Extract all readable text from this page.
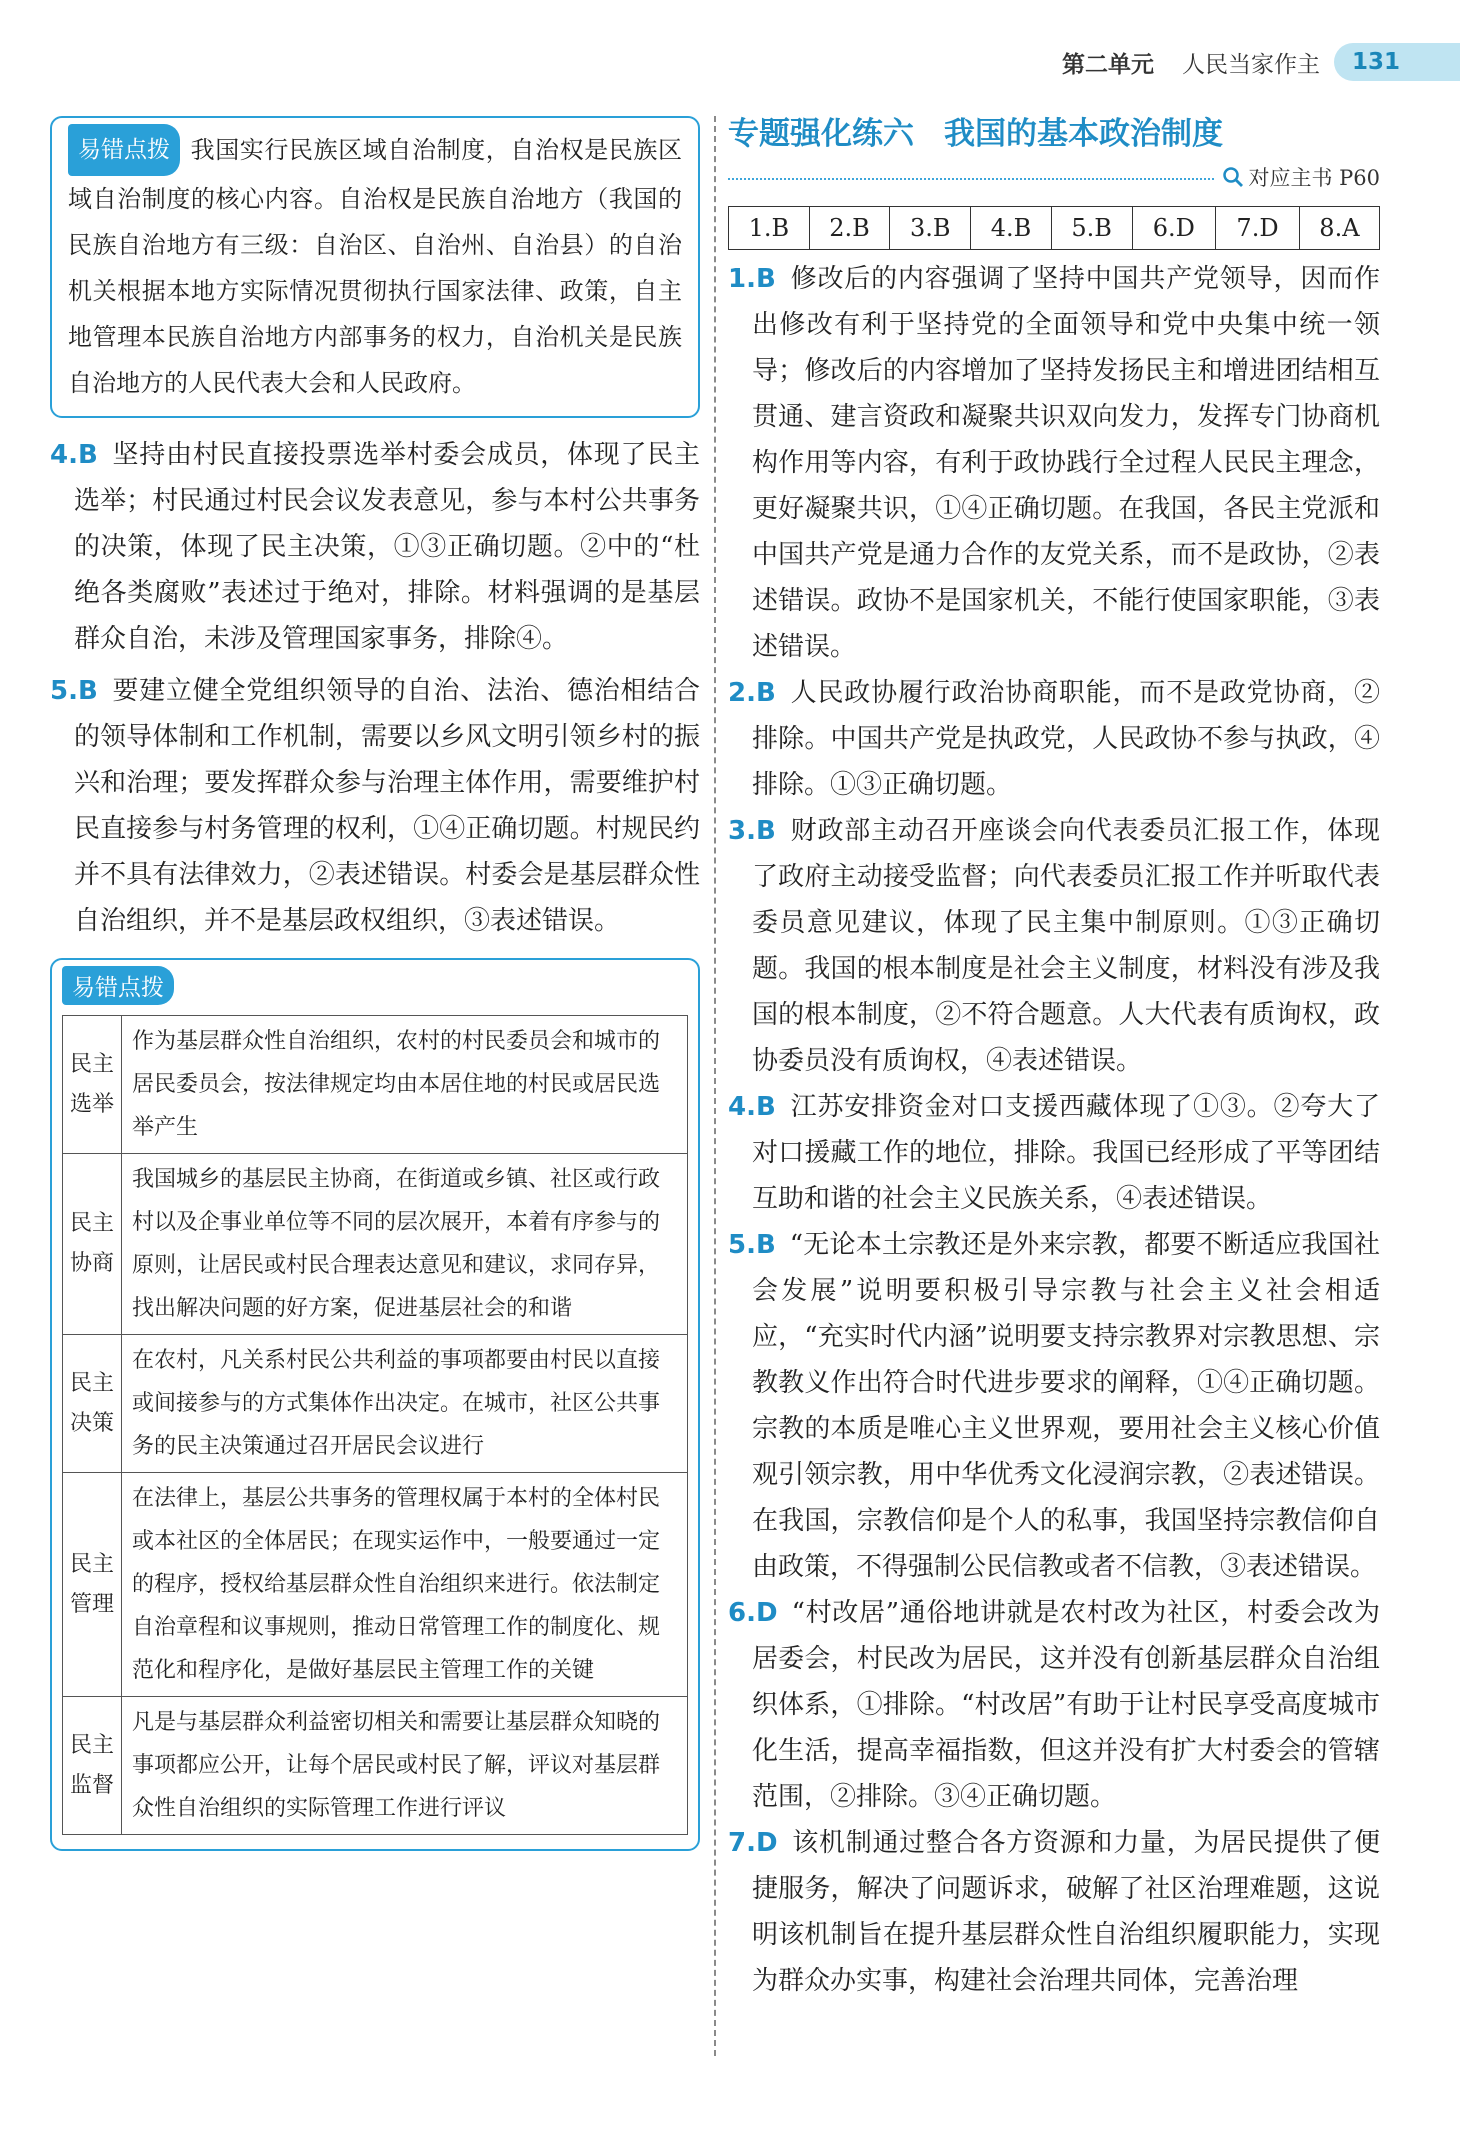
第二单元 人民当家作主	131
易错点拨 我国实行民族区域自治制度，自治权是民族区域自治制度的核心内容。自治权是民族自治地方（我国的民族自治地方有三级：自治区、自治州、自治县）的自治机关根据本地方实际情况贯彻执行国家法律、政策，自主地管理本民族自治地方内部事务的权力，自治机关是民族自治地方的人民代表大会和人民政府。

4.B 坚持由村民直接投票选举村委会成员，体现了民主选举；村民通过村民会议发表意见，参与本村公共事务的决策，体现了民主决策，①③正确切题。②中的“杜绝各类腐败”表述过于绝对，排除。材料强调的是基层群众自治，未涉及管理国家事务，排除④。

5.B 要建立健全党组织领导的自治、法治、德治相结合的领导体制和工作机制，需要以乡风文明引领乡村的振兴和治理；要发挥群众参与治理主体作用，需要维护村民直接参与村务管理的权利，①④正确切题。村规民约并不具有法律效力，②表述错误。村委会是基层群众性自治组织，并不是基层政权组织，③表述错误。

易错点拨
民主选举	作为基层群众性自治组织，农村的村民委员会和城市的居民委员会，按法律规定均由本居住地的村民或居民选举产生
民主协商	我国城乡的基层民主协商，在街道或乡镇、社区或行政村以及企事业单位等不同的层次展开，本着有序参与的原则，让居民或村民合理表达意见和建议，求同存异，找出解决问题的好方案，促进基层社会的和谐
民主决策	在农村，凡关系村民公共利益的事项都要由村民以直接或间接参与的方式集体作出决定。在城市，社区公共事务的民主决策通过召开居民会议进行
民主管理	在法律上，基层公共事务的管理权属于本村的全体村民或本社区的全体居民；在现实运作中，一般要通过一定的程序，授权给基层群众性自治组织来进行。依法制定自治章程和议事规则，推动日常管理工作的制度化、规范化和程序化，是做好基层民主管理工作的关键
民主监督	凡是与基层群众利益密切相关和需要让基层群众知晓的事项都应公开，让每个居民或村民了解，评议对基层群众性自治组织的实际管理工作进行评议
专题强化练六 我国的基本政治制度
对应主书 P60
1.B	2.B	3.B	4.B	5.B	6.D	7.D	8.A

1.B 修改后的内容强调了坚持中国共产党领导，因而作出修改有利于坚持党的全面领导和党中央集中统一领导；修改后的内容增加了坚持发扬民主和增进团结相互贯通、建言资政和凝聚共识双向发力，发挥专门协商机构作用等内容，有利于政协践行全过程人民民主理念，更好凝聚共识，①④正确切题。在我国，各民主党派和中国共产党是通力合作的友党关系，而不是政协，②表述错误。政协不是国家机关，不能行使国家职能，③表述错误。

2.B 人民政协履行政治协商职能，而不是政党协商，②排除。中国共产党是执政党，人民政协不参与执政，④排除。①③正确切题。

3.B 财政部主动召开座谈会向代表委员汇报工作，体现了政府主动接受监督；向代表委员汇报工作并听取代表委员意见建议，体现了民主集中制原则。①③正确切题。我国的根本制度是社会主义制度，材料没有涉及我国的根本制度，②不符合题意。人大代表有质询权，政协委员没有质询权，④表述错误。

4.B 江苏安排资金对口支援西藏体现了①③。②夸大了对口援藏工作的地位，排除。我国已经形成了平等团结互助和谐的社会主义民族关系，④表述错误。

5.B “无论本土宗教还是外来宗教，都要不断适应我国社会发展”说明要积极引导宗教与社会主义社会相适应，“充实时代内涵”说明要支持宗教界对宗教思想、宗教教义作出符合时代进步要求的阐释，①④正确切题。宗教的本质是唯心主义世界观，要用社会主义核心价值观引领宗教，用中华优秀文化浸润宗教，②表述错误。在我国，宗教信仰是个人的私事，我国坚持宗教信仰自由政策，不得强制公民信教或者不信教，③表述错误。

6.D “村改居”通俗地讲就是农村改为社区，村委会改为居委会，村民改为居民，这并没有创新基层群众自治组织体系，①排除。“村改居”有助于让村民享受高度城市化生活，提高幸福指数，但这并没有扩大村委会的管辖范围，②排除。③④正确切题。

7.D 该机制通过整合各方资源和力量，为居民提供了便捷服务，解决了问题诉求，破解了社区治理难题，这说明该机制旨在提升基层群众性自治组织履职能力，实现为群众办实事，构建社会治理共同体，完善治理
